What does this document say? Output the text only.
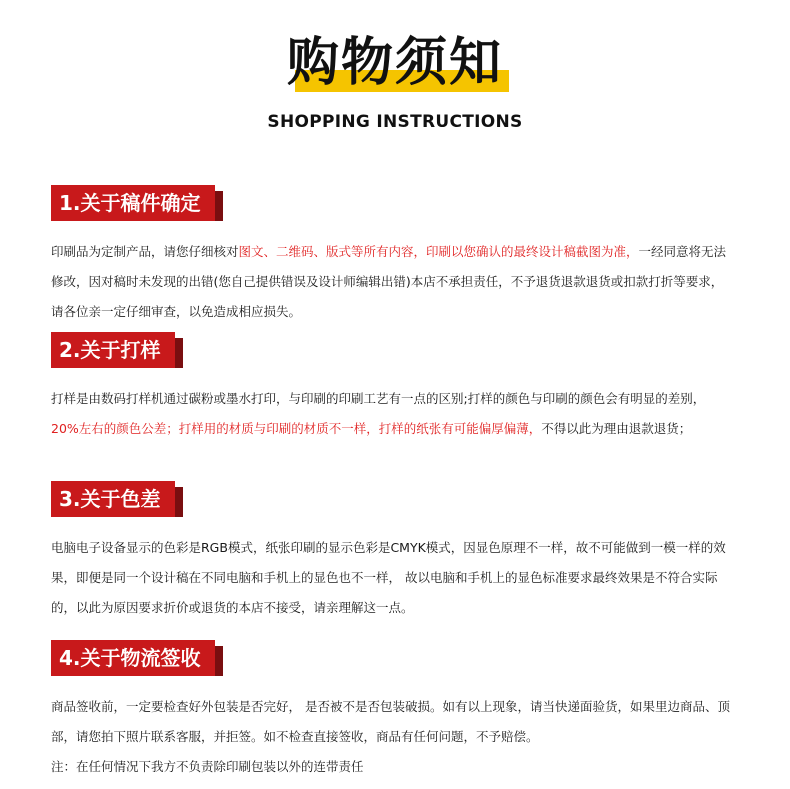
购物须知
SHOPPING INSTRUCTIONS
1.关于稿件确定
印刷品为定制产品，请您仔细核对图文、二维码、版式等所有内容，印刷以您确认的最终设计稿截图为准，一经同意将无法修改，因对稿时未发现的出错(您自己提供错误及设计师编辑出错)本店不承担责任，不予退货退款退货或扣款打折等要求，请各位亲一定仔细审查，以免造成相应损失。
2.关于打样
打样是由数码打样机通过碳粉或墨水打印，与印刷的印刷工艺有一点的区别;打样的颜色与印刷的颜色会有明显的差别，20%左右的颜色公差；打样用的材质与印刷的材质不一样，打样的纸张有可能偏厚偏薄，不得以此为理由退款退货；
3.关于色差
电脑电子设备显示的色彩是RGB模式，纸张印刷的显示色彩是CMYK模式，因显色原理不一样，故不可能做到一模一样的效果，即便是同一个设计稿在不同电脑和手机上的显色也不一样， 故以电脑和手机上的显色标准要求最终效果是不符合实际的，以此为原因要求折价或退货的本店不接受，请亲理解这一点。
4.关于物流签收
商品签收前，一定要检查好外包装是否完好， 是否被不是否包装破损。如有以上现象，请当快递面验货，如果里边商品、顶部，请您拍下照片联系客服，并拒签。如不检查直接签收，商品有任何问题，不予赔偿。
注：在任何情况下我方不负责除印刷包装以外的连带责任
